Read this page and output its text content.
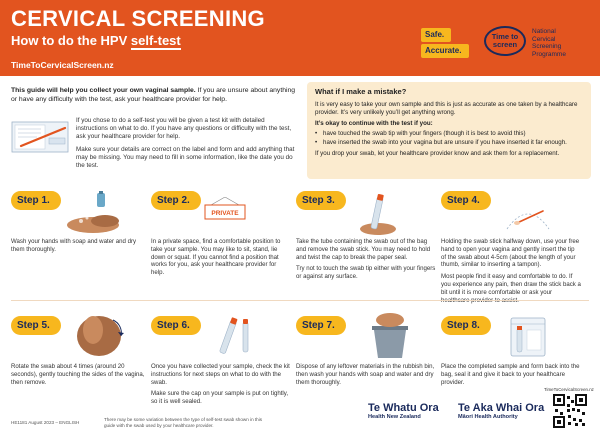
CERVICAL SCREENING
How to do the HPV self-test
TimeToCervicalScreen.nz
Safe.
Accurate.
Time to
screen
National
Cervical
Screening
Programme
This guide will help you collect your own vaginal sample. If you are unsure about anything or have any difficulty with the test, ask your healthcare provider for help.

If you chose to do a self-test you will be given a test kit with detailed instructions on what to do. If you have any questions or difficulty with the test, ask your healthcare provider for help.

Make sure your details are correct on the label and form and add anything that may be missing. You may need to fill in some information, like the date you do the test.

What if I make a mistake?

It is very easy to take your own sample and this is just as accurate as one taken by a healthcare provider. It’s very unlikely you’ll get anything wrong.

It’s okay to continue with the test if you:

• have touched the swab tip with your fingers (though it is best to avoid this)
• have inserted the swab into your vagina but are unsure if you have inserted it far enough.

If you drop your swab, let your healthcare provider know and ask them for a replacement.

Step 1.

Wash your hands with soap and water and dry them thoroughly.

Step 2.
PRIVATE

In a private space, find a comfortable position to take your sample. You may like to sit, stand, lie down or squat. If you cannot find a position that works for you, ask your healthcare provider for help.

Step 3.

Take the tube containing the swab out of the bag and remove the swab stick. You may need to hold and twist the cap to break the paper seal.

Try not to touch the swab tip either with your fingers or against any surface.

Step 4.

Holding the swab stick halfway down, use your free hand to open your vagina and gently insert the tip of the swab about 4-5cm (about the length of your thumb, similar to inserting a tampon).

Most people find it easy and comfortable to do. If you experience any pain, then draw the stick back a bit until it is more comfortable or ask your

Step 5.

Rotate the swab about 4 times (around 20 seconds), gently touching the sides of the vagina, then remove.

Step 6.

Once you have collected your sample, check the kit instructions for next steps on what to do with the swab.

Make sure the cap on your sample is put on tightly, so it is well sealed.

Step 7.

Dispose of any leftover materials in the rubbish bin, then wash your hands with soap and water and dry them thoroughly.

Step 8.

Place the completed sample and form back into the bag, seal it and give it back to your healthcare provider.

HE1181 August 2023 – ENGLISH
There may be some variation between the type of self-test swab shown in this guide with the swab used by your healthcare provider.
Te Whatu Ora
Health New Zealand
Te Aka Whai Ora
Māori Health Authority
TimeToCervicalScreen.nz
